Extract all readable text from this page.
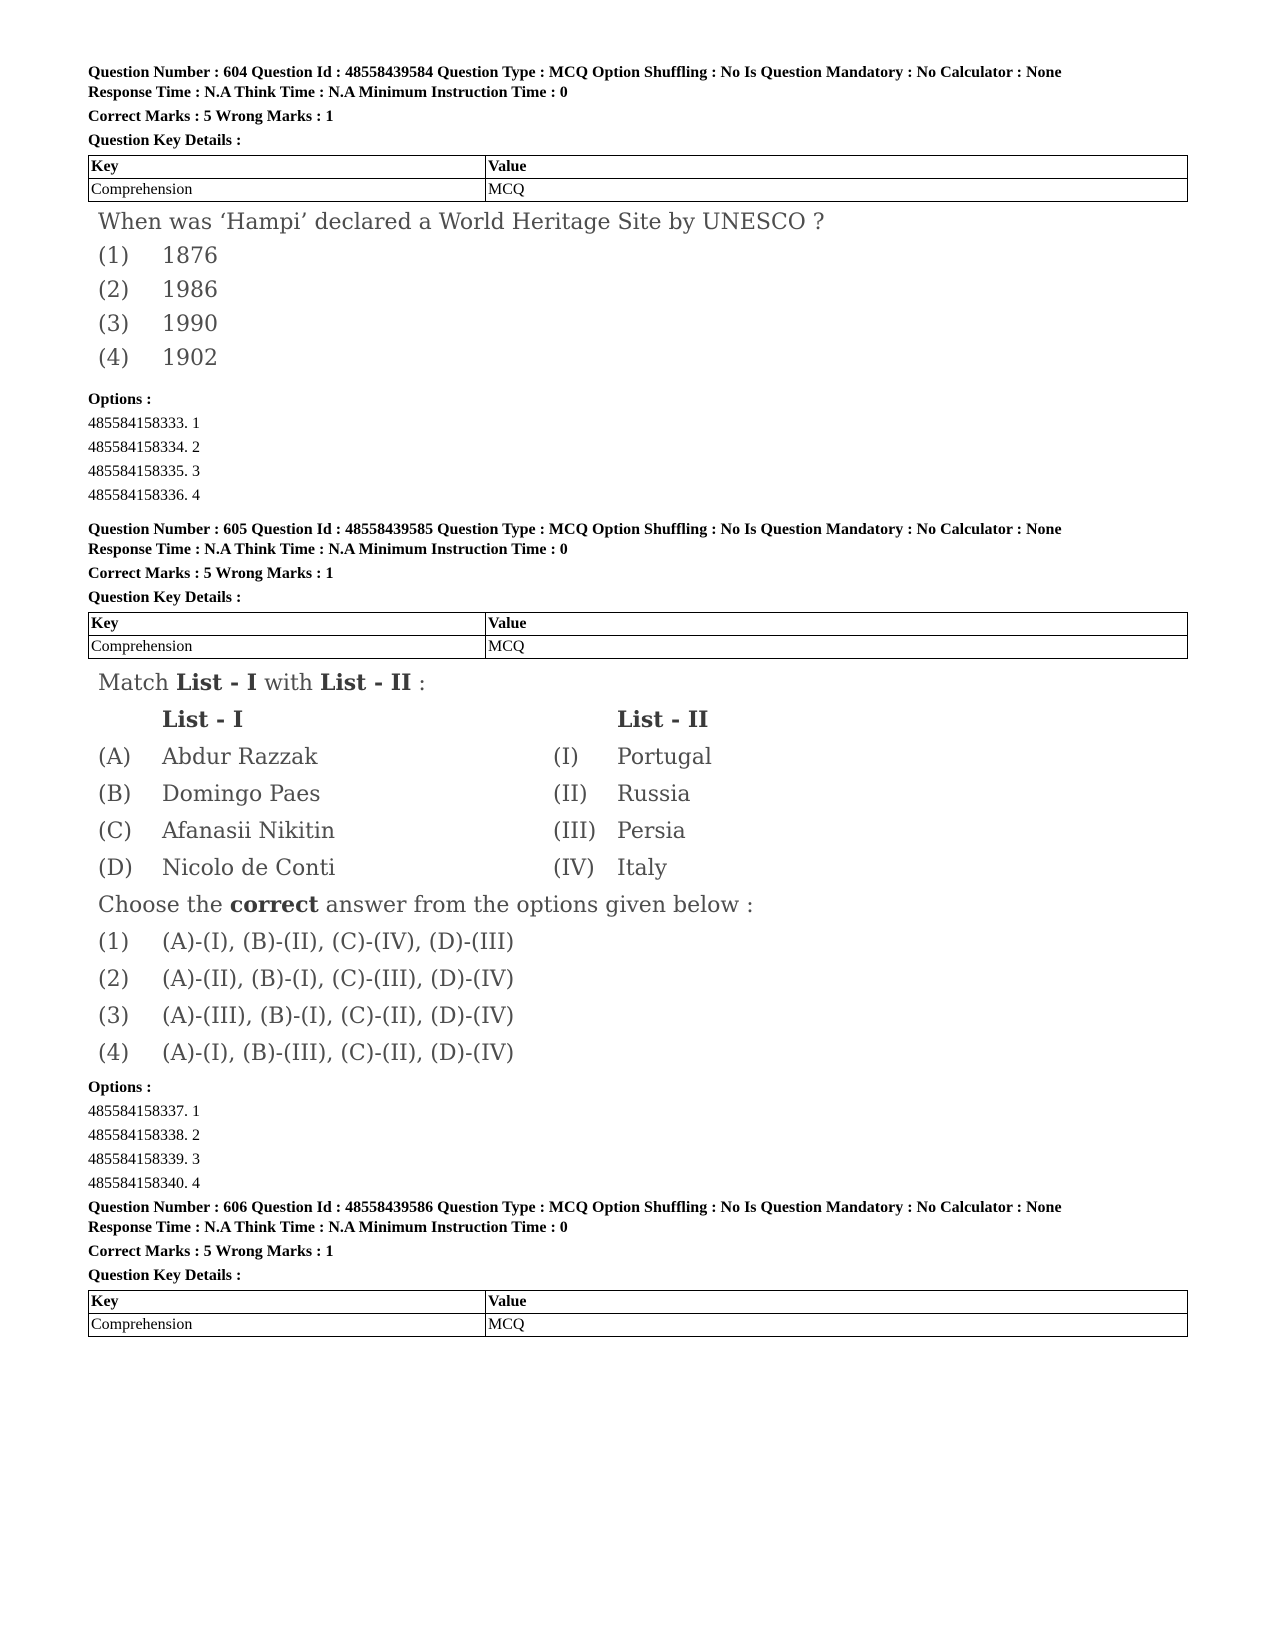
Question Number : 604 Question Id : 48558439584 Question Type : MCQ Option Shuffling : No Is Question Mandatory : No Calculator : None

Response Time : N.A Think Time : N.A Minimum Instruction Time : 0

Correct Marks : 5 Wrong Marks : 1

Question Key Details :

Key	Value
Comprehension	MCQ
When was ‘Hampi’ declared a World Heritage Site by UNESCO ?
(1)	1876
(2)	1986
(3)	1990
(4)	1902
Options :
485584158333. 1
485584158334. 2
485584158335. 3
485584158336. 4

Question Number : 605 Question Id : 48558439585 Question Type : MCQ Option Shuffling : No Is Question Mandatory : No Calculator : None

Response Time : N.A Think Time : N.A Minimum Instruction Time : 0

Correct Marks : 5 Wrong Marks : 1

Question Key Details :

Key	Value
Comprehension	MCQ
Match List - I with List - II :
List - I	List - II
(A) Abdur Razzak	(I) Portugal
(B) Domingo Paes	(II) Russia
(C) Afanasii Nikitin	(III) Persia
(D) Nicolo de Conti	(IV) Italy
Choose the correct answer from the options given below :
(1) (A)-(I), (B)-(II), (C)-(IV), (D)-(III)
(2) (A)-(II), (B)-(I), (C)-(III), (D)-(IV)
(3) (A)-(III), (B)-(I), (C)-(II), (D)-(IV)
(4) (A)-(I), (B)-(III), (C)-(II), (D)-(IV)
Options :
485584158337. 1
485584158338. 2
485584158339. 3
485584158340. 4

Question Number : 606 Question Id : 48558439586 Question Type : MCQ Option Shuffling : No Is Question Mandatory : No Calculator : None

Response Time : N.A Think Time : N.A Minimum Instruction Time : 0

Correct Marks : 5 Wrong Marks : 1

Question Key Details :

Key	Value
Comprehension	MCQ
